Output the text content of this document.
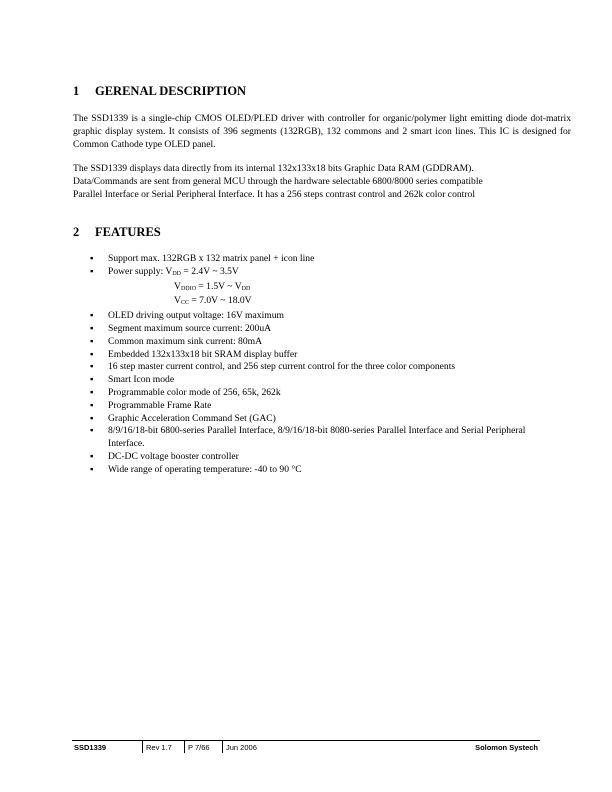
1 GERENAL DESCRIPTION
The SSD1339 is a single-chip CMOS OLED/PLED driver with controller for organic/polymer light emitting diode dot-matrix graphic display system. It consists of 396 segments (132RGB), 132 commons and 2 smart icon lines. This IC is designed for Common Cathode type OLED panel.
The SSD1339 displays data directly from its internal 132x133x18 bits Graphic Data RAM (GDDRAM).
Data/Commands are sent from general MCU through the hardware selectable 6800/8000 series compatible
Parallel Interface or Serial Peripheral Interface. It has a 256 steps contrast control and 262k color control
2 FEATURES
▪ Support max. 132RGB x 132 matrix panel + icon line
▪ Power supply: $V_{DD} = 2.4V$ ~ 3.5V
$V_{DDIO} = 1.5V$ ~ $V_{DD}$
$V_{CC} = 7.0V$ ~ 18.0V
▪ OLED driving output voltage: 16V maximum
▪ Segment maximum source current: 200uA
▪ Common maximum sink current: 80mA
▪ Embedded 132x133x18 bit SRAM display buffer
▪ 16 step master current control, and 256 step current control for the three color components
▪ Smart Icon mode
▪ Programmable color mode of 256, 65k, 262k
▪ Programmable Frame Rate
▪ Graphic Acceleration Command Set (GAC)
▪ 8/9/16/18-bit 6800-series Parallel Interface, 8/9/16/18-bit 8080-series Parallel Interface and Serial Peripheral Interface.
▪ DC-DC voltage booster controller
▪ Wide range of operating temperature: -40 to 90 °C
SSD1339	Rev 1.7 P 7/66 Jun 2006	Solomon Systech
